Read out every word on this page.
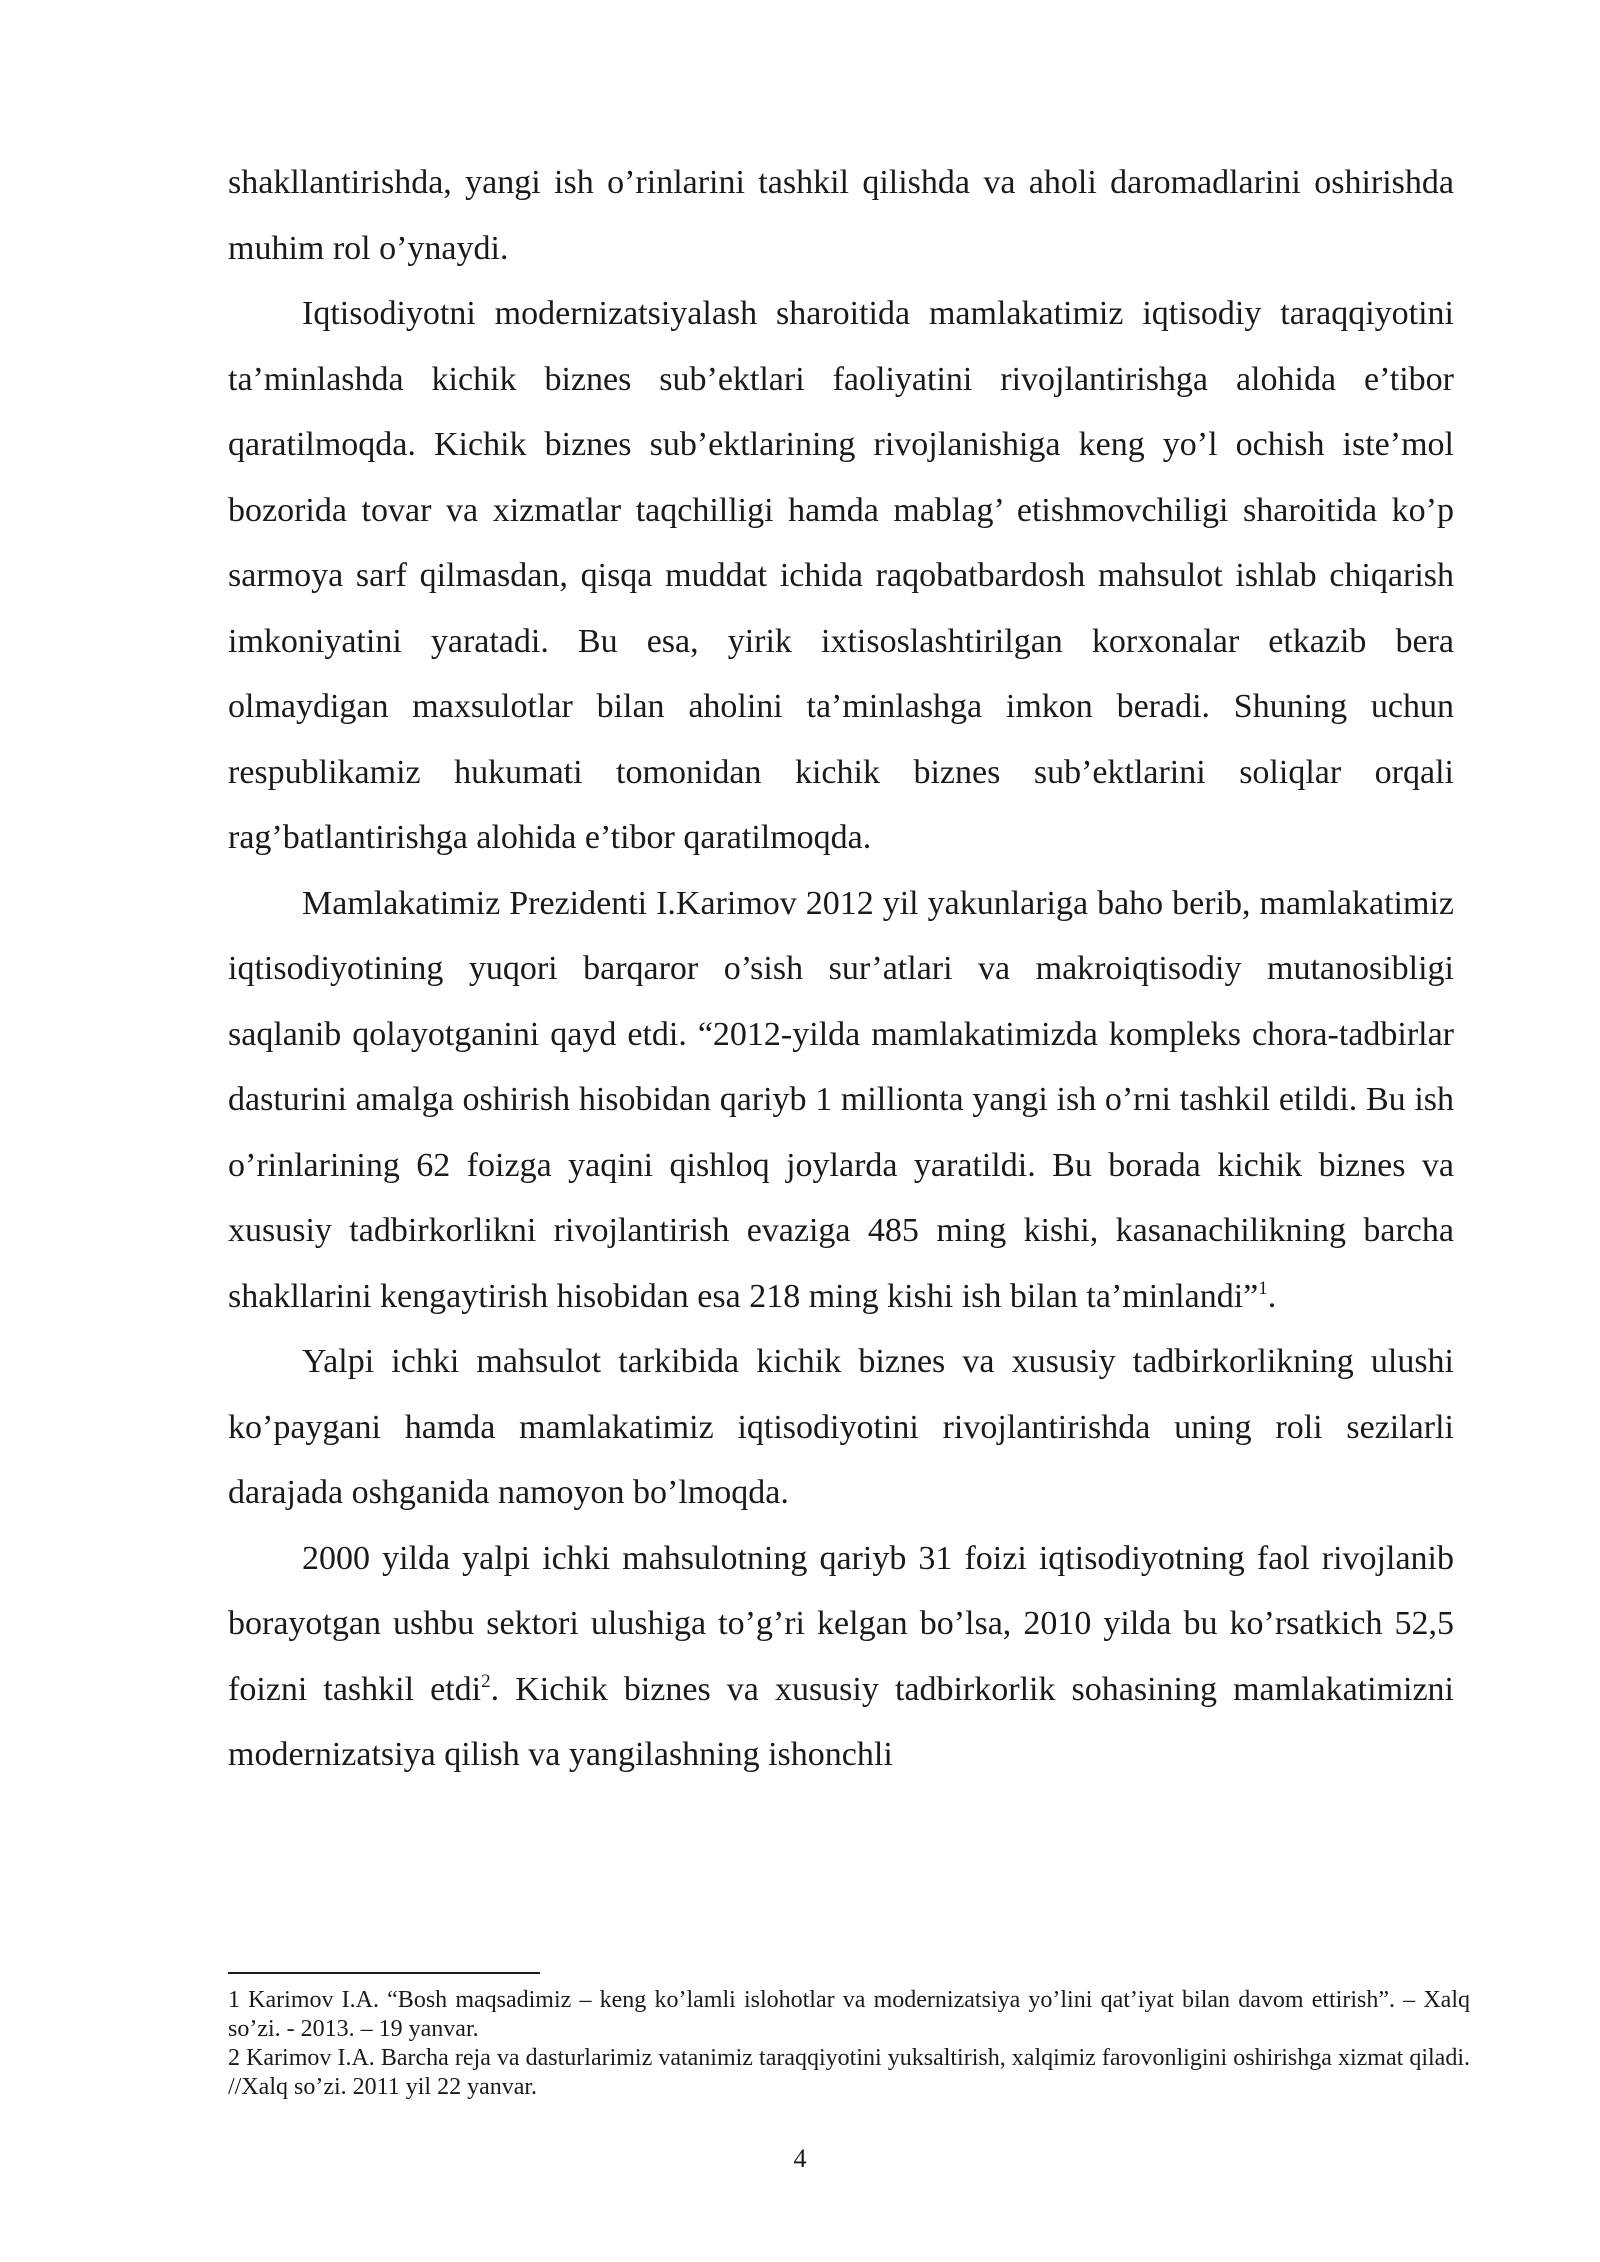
shakllantirishda, yangi ish o’rinlarini tashkil qilishda va aholi daromadlarini oshirishda muhim rol o’ynaydi.

Iqtisodiyotni modernizatsiyalash sharoitida mamlakatimiz iqtisodiy taraqqiyotini ta’minlashda kichik biznes sub’ektlari faoliyatini rivojlantirishga alohida e’tibor qaratilmoqda. Kichik biznes sub’ektlarining rivojlanishiga keng yo’l ochish iste’mol bozorida tovar va xizmatlar taqchilligi hamda mablag’ etishmovchiligi sharoitida ko’p sarmoya sarf qilmasdan, qisqa muddat ichida raqobatbardosh mahsulot ishlab chiqarish imkoniyatini yaratadi. Bu esa, yirik ixtisoslashtirilgan korxonalar etkazib bera olmaydigan maxsulotlar bilan aholini ta’minlashga imkon beradi. Shuning uchun respublikamiz hukumati tomonidan kichik biznes sub’ektlarini soliqlar orqali rag’batlantirishga alohida e’tibor qaratilmoqda.

Mamlakatimiz Prezidenti I.Karimov 2012 yil yakunlariga baho berib, mamlakatimiz iqtisodiyotining yuqori barqaror o’sish sur’atlari va makroiqtisodiy mutanosibligi saqlanib qolayotganini qayd etdi. “2012-yilda mamlakatimizda kompleks chora-tadbirlar dasturini amalga oshirish hisobidan qariyb 1 millionta yangi ish o’rni tashkil etildi. Bu ish o’rinlarining 62 foizga yaqini qishloq joylarda yaratildi. Bu borada kichik biznes va xususiy tadbirkorlikni rivojlantirish evaziga 485 ming kishi, kasanachilikning barcha shakllarini kengaytirish hisobidan esa 218 ming kishi ish bilan ta’minlandi”$^1$.

Yalpi ichki mahsulot tarkibida kichik biznes va xususiy tadbirkorlikning ulushi ko’paygani hamda mamlakatimiz iqtisodiyotini rivojlantirishda uning roli sezilarli darajada oshganida namoyon bo’lmoqda.

2000 yilda yalpi ichki mahsulotning qariyb 31 foizi iqtisodiyotning faol rivojlanib borayotgan ushbu sektori ulushiga to’g’ri kelgan bo’lsa, 2010 yilda bu ko’rsatkich 52,5 foizni tashkil etdi$^2$. Kichik biznes va xususiy tadbirkorlik sohasining mamlakatimizni modernizatsiya qilish va yangilashning ishonchli

1 Karimov I.A. “Bosh maqsadimiz – keng ko’lamli islohotlar va modernizatsiya yo’lini qat’iyat bilan davom ettirish”. – Xalq so’zi. - 2013. – 19 yanvar.

2 Karimov I.A. Barcha reja va dasturlarimiz vatanimiz taraqqiyotini yuksaltirish, xalqimiz farovonligini oshirishga xizmat qiladi. //Xalq so’zi. 2011 yil 22 yanvar.

4
